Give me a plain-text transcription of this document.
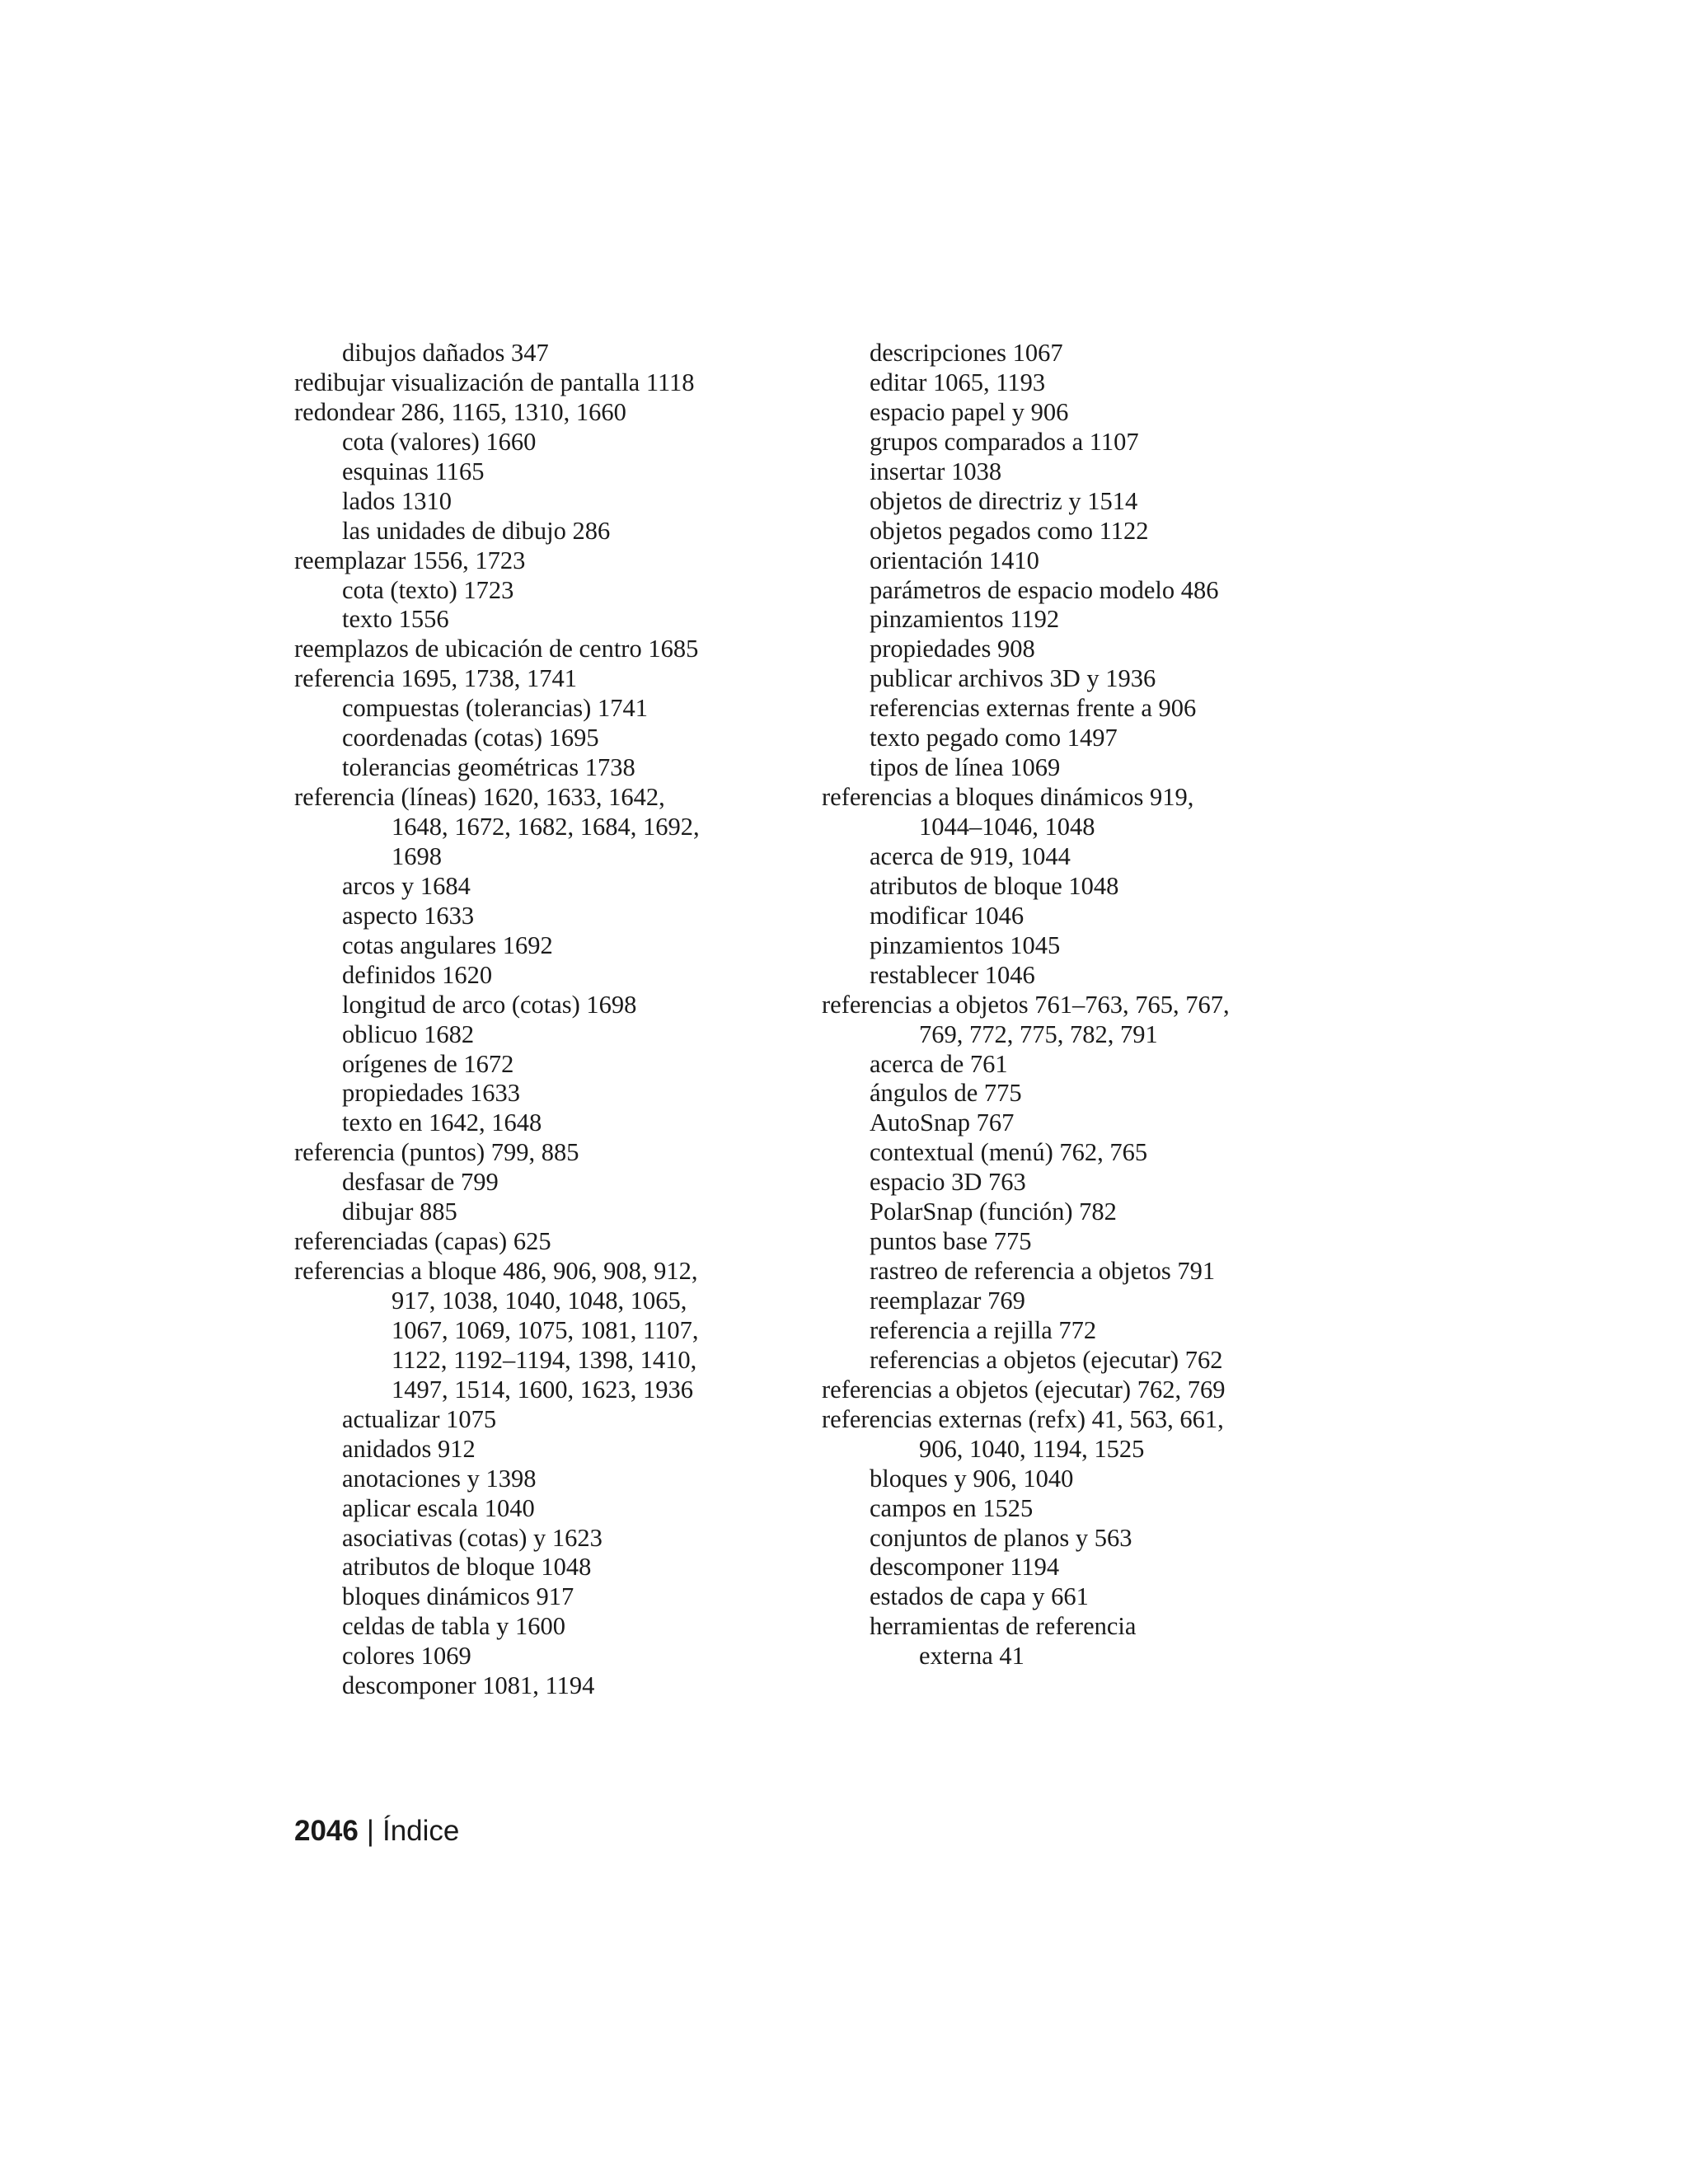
dibujos dañados 347
redibujar visualización de pantalla 1118
redondear 286, 1165, 1310, 1660
cota (valores) 1660
esquinas 1165
lados 1310
las unidades de dibujo 286
reemplazar 1556, 1723
cota (texto) 1723
texto 1556
reemplazos de ubicación de centro 1685
referencia 1695, 1738, 1741
compuestas (tolerancias) 1741
coordenadas (cotas) 1695
tolerancias geométricas 1738
referencia (líneas) 1620, 1633, 1642,
1648, 1672, 1682, 1684, 1692,
1698
arcos y 1684
aspecto 1633
cotas angulares 1692
definidos 1620
longitud de arco (cotas) 1698
oblicuo 1682
orígenes de 1672
propiedades 1633
texto en 1642, 1648
referencia (puntos) 799, 885
desfasar de 799
dibujar 885
referenciadas (capas) 625
referencias a bloque 486, 906, 908, 912,
917, 1038, 1040, 1048, 1065,
1067, 1069, 1075, 1081, 1107,
1122, 1192–1194, 1398, 1410,
1497, 1514, 1600, 1623, 1936
actualizar 1075
anidados 912
anotaciones y 1398
aplicar escala 1040
asociativas (cotas) y 1623
atributos de bloque 1048
bloques dinámicos 917
celdas de tabla y 1600
colores 1069
descomponer 1081, 1194
descripciones 1067
editar 1065, 1193
espacio papel y 906
grupos comparados a 1107
insertar 1038
objetos de directriz y 1514
objetos pegados como 1122
orientación 1410
parámetros de espacio modelo 486
pinzamientos 1192
propiedades 908
publicar archivos 3D y 1936
referencias externas frente a 906
texto pegado como 1497
tipos de línea 1069
referencias a bloques dinámicos 919,
1044–1046, 1048
acerca de 919, 1044
atributos de bloque 1048
modificar 1046
pinzamientos 1045
restablecer 1046
referencias a objetos 761–763, 765, 767,
769, 772, 775, 782, 791
acerca de 761
ángulos de 775
AutoSnap 767
contextual (menú) 762, 765
espacio 3D 763
PolarSnap (función) 782
puntos base 775
rastreo de referencia a objetos 791
reemplazar 769
referencia a rejilla 772
referencias a objetos (ejecutar) 762
referencias a objetos (ejecutar) 762, 769
referencias externas (refx) 41, 563, 661,
906, 1040, 1194, 1525
bloques y 906, 1040
campos en 1525
conjuntos de planos y 563
descomponer 1194
estados de capa y 661
herramientas de referencia
externa 41
2046 | Índice
